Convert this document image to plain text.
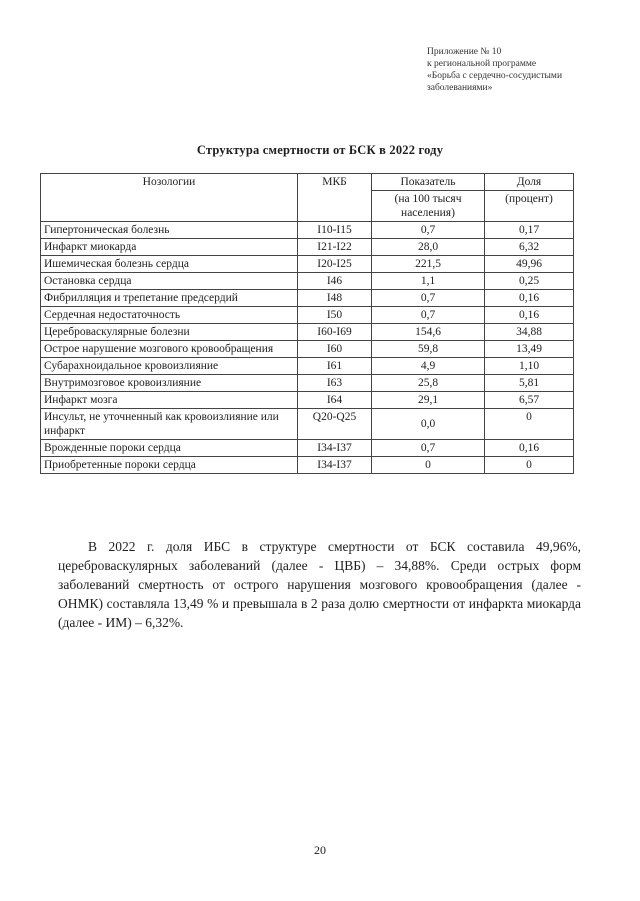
Приложение № 10
к региональной программе
«Борьба с сердечно-сосудистыми
заболеваниями»
Структура смертности от БСК в 2022 году
Нозологии	МКБ	Показатель	Доля
		(на 100 тысяч населения)	(процент)
Гипертоническая болезнь	I10-I15	0,7	0,17
Инфаркт миокарда	I21-I22	28,0	6,32
Ишемическая болезнь сердца	I20-I25	221,5	49,96
Остановка сердца	I46	1,1	0,25
Фибрилляция и трепетание предсердий	I48	0,7	0,16
Сердечная недостаточность	I50	0,7	0,16
Цереброваскулярные болезни	I60-I69	154,6	34,88
Острое нарушение мозгового кровообращения	I60	59,8	13,49
Субарахноидальное кровоизлияние	I61	4,9	1,10
Внутримозговое кровоизлияние	I63	25,8	5,81
Инфаркт мозга	I64	29,1	6,57
Инсульт, не уточненный как кровоизлияние или инфаркт	Q20-Q25	0,0	0
Врожденные пороки сердца	I34-I37	0,7	0,16
Приобретенные пороки сердца	I34-I37	0	0

В 2022 г. доля ИБС в структуре смертности от БСК составила 49,96%, цереброваскулярных заболеваний (далее - ЦВБ) – 34,88%. Среди острых форм заболеваний смертность от острого нарушения мозгового кровообращения (далее - ОНМК) составляла 13,49 % и превышала в 2 раза долю смертности от инфаркта миокарда (далее - ИМ) – 6,32%.

20
